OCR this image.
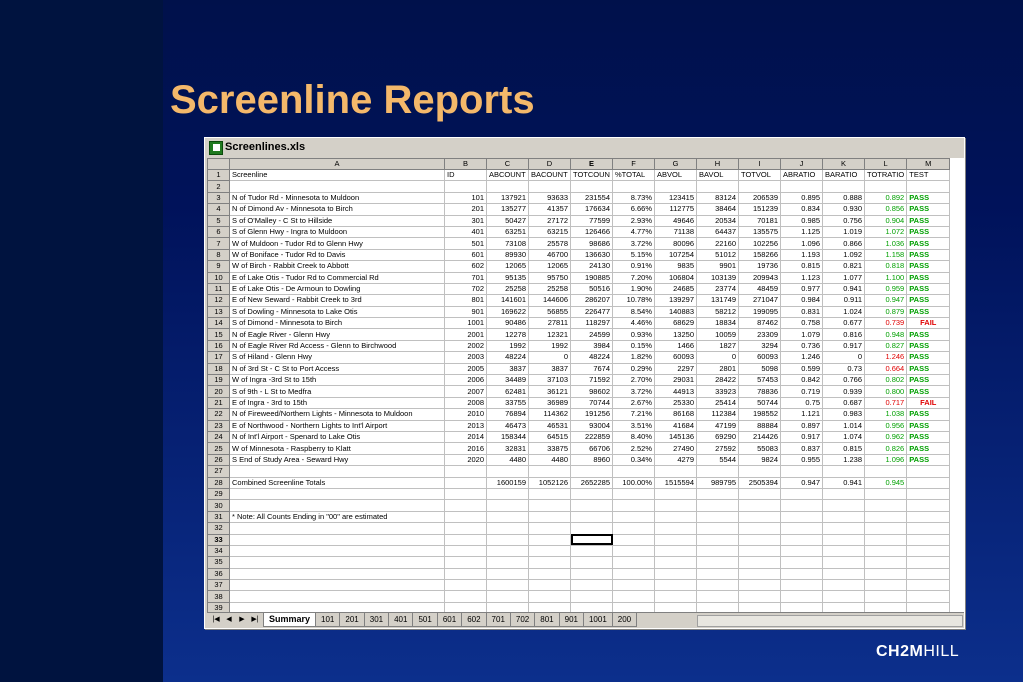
Screenline Reports
Screenlines.xls
	A	B	C	D	E	F	G	H	I	J	K	L	M
1	Screenline	ID	ABCOUNT	BACOUNT	TOTCOUN	%TOTAL	ABVOL	BAVOL	TOTVOL	ABRATIO	BARATIO	TOTRATIO	TEST
2													
3	N of Tudor Rd - Minnesota to Muldoon	101	137921	93633	231554	8.73%	123415	83124	206539	0.895	0.888	0.892	PASS
4	N of Dimond Av - Minnesota to Birch	201	135277	41357	176634	6.66%	112775	38464	151239	0.834	0.930	0.856	PASS
5	S of O'Malley - C St to Hillside	301	50427	27172	77599	2.93%	49646	20534	70181	0.985	0.756	0.904	PASS
6	S of Glenn Hwy - Ingra to Muldoon	401	63251	63215	126466	4.77%	71138	64437	135575	1.125	1.019	1.072	PASS
7	W of Muldoon - Tudor Rd to Glenn Hwy	501	73108	25578	98686	3.72%	80096	22160	102256	1.096	0.866	1.036	PASS
8	W of Boniface - Tudor Rd to Davis	601	89930	46700	136630	5.15%	107254	51012	158266	1.193	1.092	1.158	PASS
9	W of Birch - Rabbit Creek to Abbott	602	12065	12065	24130	0.91%	9835	9901	19736	0.815	0.821	0.818	PASS
10	E of Lake Otis - Tudor Rd to Commercial Rd	701	95135	95750	190885	7.20%	106804	103139	209943	1.123	1.077	1.100	PASS
11	E of Lake Otis - De Armoun to Dowling	702	25258	25258	50516	1.90%	24685	23774	48459	0.977	0.941	0.959	PASS
12	E of New Seward - Rabbit Creek to 3rd	801	141601	144606	286207	10.78%	139297	131749	271047	0.984	0.911	0.947	PASS
13	S of Dowling - Minnesota to Lake Otis	901	169622	56855	226477	8.54%	140883	58212	199095	0.831	1.024	0.879	PASS
14	S of Dimond - Minnesota to Birch	1001	90486	27811	118297	4.46%	68629	18834	87462	0.758	0.677	0.739	FAIL
15	N of Eagle River - Glenn Hwy	2001	12278	12321	24599	0.93%	13250	10059	23309	1.079	0.816	0.948	PASS
16	N of Eagle River Rd Access - Glenn to Birchwood	2002	1992	1992	3984	0.15%	1466	1827	3294	0.736	0.917	0.827	PASS
17	S of Hiland - Glenn Hwy	2003	48224	0	48224	1.82%	60093	0	60093	1.246	0	1.246	PASS
18	N of 3rd St - C St to Port Access	2005	3837	3837	7674	0.29%	2297	2801	5098	0.599	0.73	0.664	PASS
19	W of Ingra -3rd St to 15th	2006	34489	37103	71592	2.70%	29031	28422	57453	0.842	0.766	0.802	PASS
20	S of 9th - L St to Medfra	2007	62481	36121	98602	3.72%	44913	33923	78836	0.719	0.939	0.800	PASS
21	E of Ingra - 3rd to 15th	2008	33755	36989	70744	2.67%	25330	25414	50744	0.75	0.687	0.717	FAIL
22	N of Fireweed/Northern Lights - Minnesota to Muldoon	2010	76894	114362	191256	7.21%	86168	112384	198552	1.121	0.983	1.038	PASS
23	E of Northwood - Northern Lights to Int'l Airport	2013	46473	46531	93004	3.51%	41684	47199	88884	0.897	1.014	0.956	PASS
24	N of Int'l Airport - Spenard to Lake Otis	2014	158344	64515	222859	8.40%	145136	69290	214426	0.917	1.074	0.962	PASS
25	W of Minnesota - Raspberry to Klatt	2016	32831	33875	66706	2.52%	27490	27592	55083	0.837	0.815	0.826	PASS
26	S End of Study Area - Seward Hwy	2020	4480	4480	8960	0.34%	4279	5544	9824	0.955	1.238	1.096	PASS
27													
28	Combined Screenline Totals		1600159	1052126	2652285	100.00%	1515594	989795	2505394	0.947	0.941	0.945	
29													
30													
31	* Note: All Counts Ending in "00" are estimated												
32													
33													
34													
35													
36													
37													
38													
39													
|◀ ◀	▶ ▶|	Summary	101	201	301	401	501	601	602	701	702	801	901	1001	200
CH2MHILL
